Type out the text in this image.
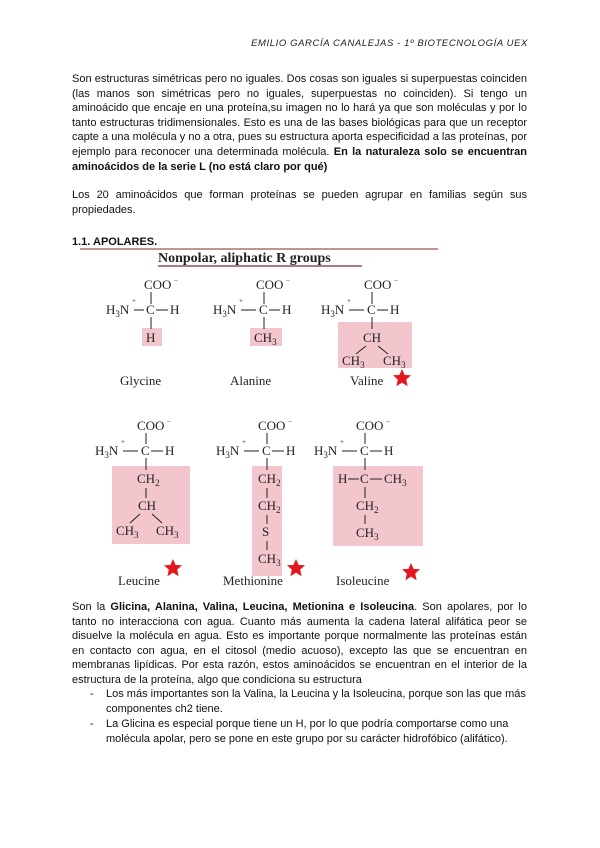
EMILIO GARCÍA CANALEJAS - 1º BIOTECNOLOGÍA UEX

Son estructuras simétricas pero no iguales. Dos cosas son iguales si superpuestas coinciden (las manos son simétricas pero no iguales, superpuestas no coinciden). Si tengo un aminoácido que encaje en una proteína,su imagen no lo hará ya que son moléculas y por lo tanto estructuras tridimensionales. Esto es una de las bases biológicas para que un receptor capte a una molécula y no a otra, pues su estructura aporta especificidad a las proteínas, por ejemplo para reconocer una determinada molécula. En la naturaleza solo se encuentran aminoácidos de la serie L (no está claro por qué)

Los 20 aminoácidos que forman proteínas se pueden agrupar en familias según sus propiedades.

1.1. APOLARES.
Nonpolar, aliphatic R groups
COO −
$H_3N$
+
C H
H
Glycine
COO −
$H_3N$
+
C H
$CH_3$
Alanine
COO −
$H_3N$
+
C H
CH
$CH_3$ $CH_3$
Valine
COO −
$H_3N$
+
C H
$CH_2$
CH
$CH_3$ $CH_3$
Leucine
COO −
$H_3N$
+
C H
$CH_2$
$CH_2$
S
$CH_3$
Methionine
COO −
$H_3N$
+
C H
H C $CH_3$
$CH_2$
$CH_3$
Isoleucine

Son la Glicina, Alanina, Valina, Leucina, Metionina e Isoleucina. Son apolares, por lo tanto no interacciona con agua. Cuanto más aumenta la cadena lateral alifática peor se disuelve la molécula en agua. Esto es importante porque normalmente las proteínas están en contacto con agua, en el citosol (medio acuoso), excepto las que se encuentran en membranas lipídicas. Por esta razón, estos aminoácidos se encuentran en el interior de la estructura de la proteína, algo que condiciona su estructura

- Los más importantes son la Valina, la Leucina y la Isoleucina, porque son las que más componentes ch2 tiene.
- La Glicina es especial porque tiene un H, por lo que podría comportarse como una molécula apolar, pero se pone en este grupo por su carácter hidrofóbico (alifático).
